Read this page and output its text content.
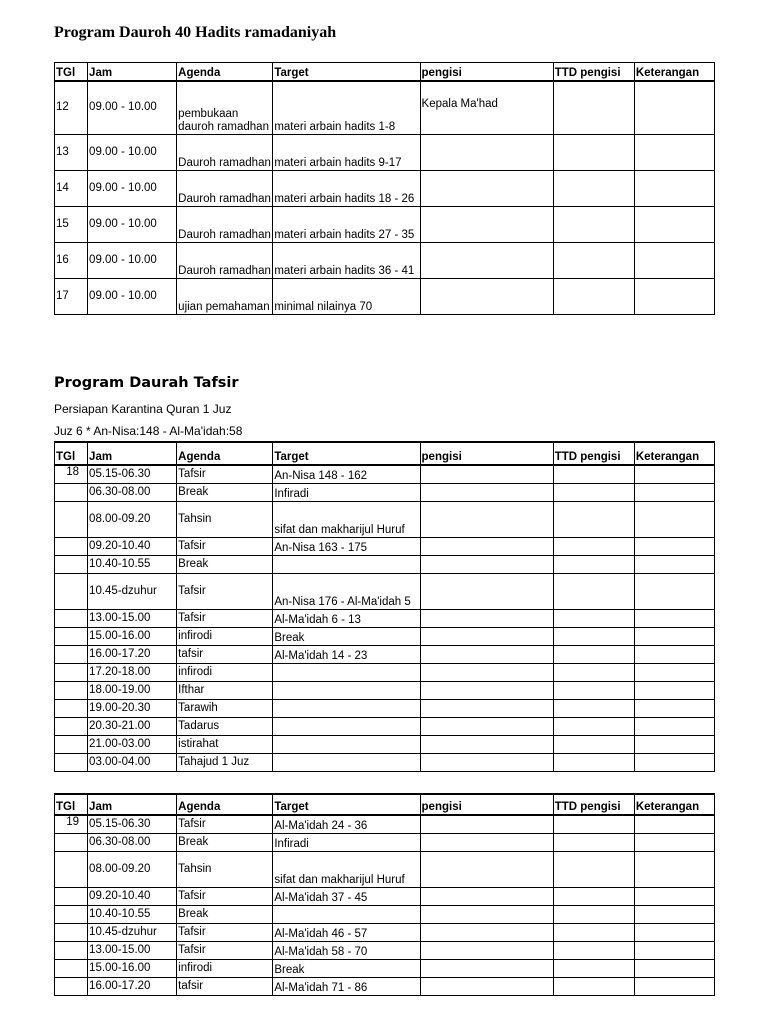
Program Dauroh 40 Hadits ramadaniyah
TGl	Jam	Agenda	Target	pengisi	TTD pengisi	Keterangan
12	09.00 - 10.00	pembukaan dauroh ramadhan	materi arbain hadits 1-8	Kepala Ma'had		
13	09.00 - 10.00	Dauroh ramadhan	materi arbain hadits 9-17			
14	09.00 - 10.00	Dauroh ramadhan	materi arbain hadits 18 - 26			
15	09.00 - 10.00	Dauroh ramadhan	materi arbain hadits 27 - 35			
16	09.00 - 10.00	Dauroh ramadhan	materi arbain hadits 36 - 41			
17	09.00 - 10.00	ujian pemahaman	minimal nilainya 70			
Program Daurah Tafsir
Persiapan Karantina Quran 1 Juz
Juz 6 * An-Nisa:148 - Al-Ma'idah:58
TGl	Jam	Agenda	Target	pengisi	TTD pengisi	Keterangan
18	05.15-06.30	Tafsir	An-Nisa 148 - 162			
	06.30-08.00	Break	Infiradi			
	08.00-09.20	Tahsin	sifat dan makharijul Huruf			
	09.20-10.40	Tafsir	An-Nisa 163 - 175			
	10.40-10.55	Break				
	10.45-dzuhur	Tafsir	An-Nisa 176 - Al-Ma'idah 5			
	13.00-15.00	Tafsir	Al-Ma'idah 6 - 13			
	15.00-16.00	infirodi	Break			
	16.00-17.20	tafsir	Al-Ma'idah 14 - 23			
	17.20-18.00	infirodi				
	18.00-19.00	Ifthar				
	19.00-20.30	Tarawih				
	20.30-21.00	Tadarus				
	21.00-03.00	istirahat				
	03.00-04.00	Tahajud 1 Juz				
TGl	Jam	Agenda	Target	pengisi	TTD pengisi	Keterangan
19	05.15-06.30	Tafsir	Al-Ma'idah 24 - 36			
	06.30-08.00	Break	Infiradi			
	08.00-09.20	Tahsin	sifat dan makharijul Huruf			
	09.20-10.40	Tafsir	Al-Ma'idah 37 - 45			
	10.40-10.55	Break				
	10.45-dzuhur	Tafsir	Al-Ma'idah 46 - 57			
	13.00-15.00	Tafsir	Al-Ma'idah 58 - 70			
	15.00-16.00	infirodi	Break			
	16.00-17.20	tafsir	Al-Ma'idah 71 - 86			
